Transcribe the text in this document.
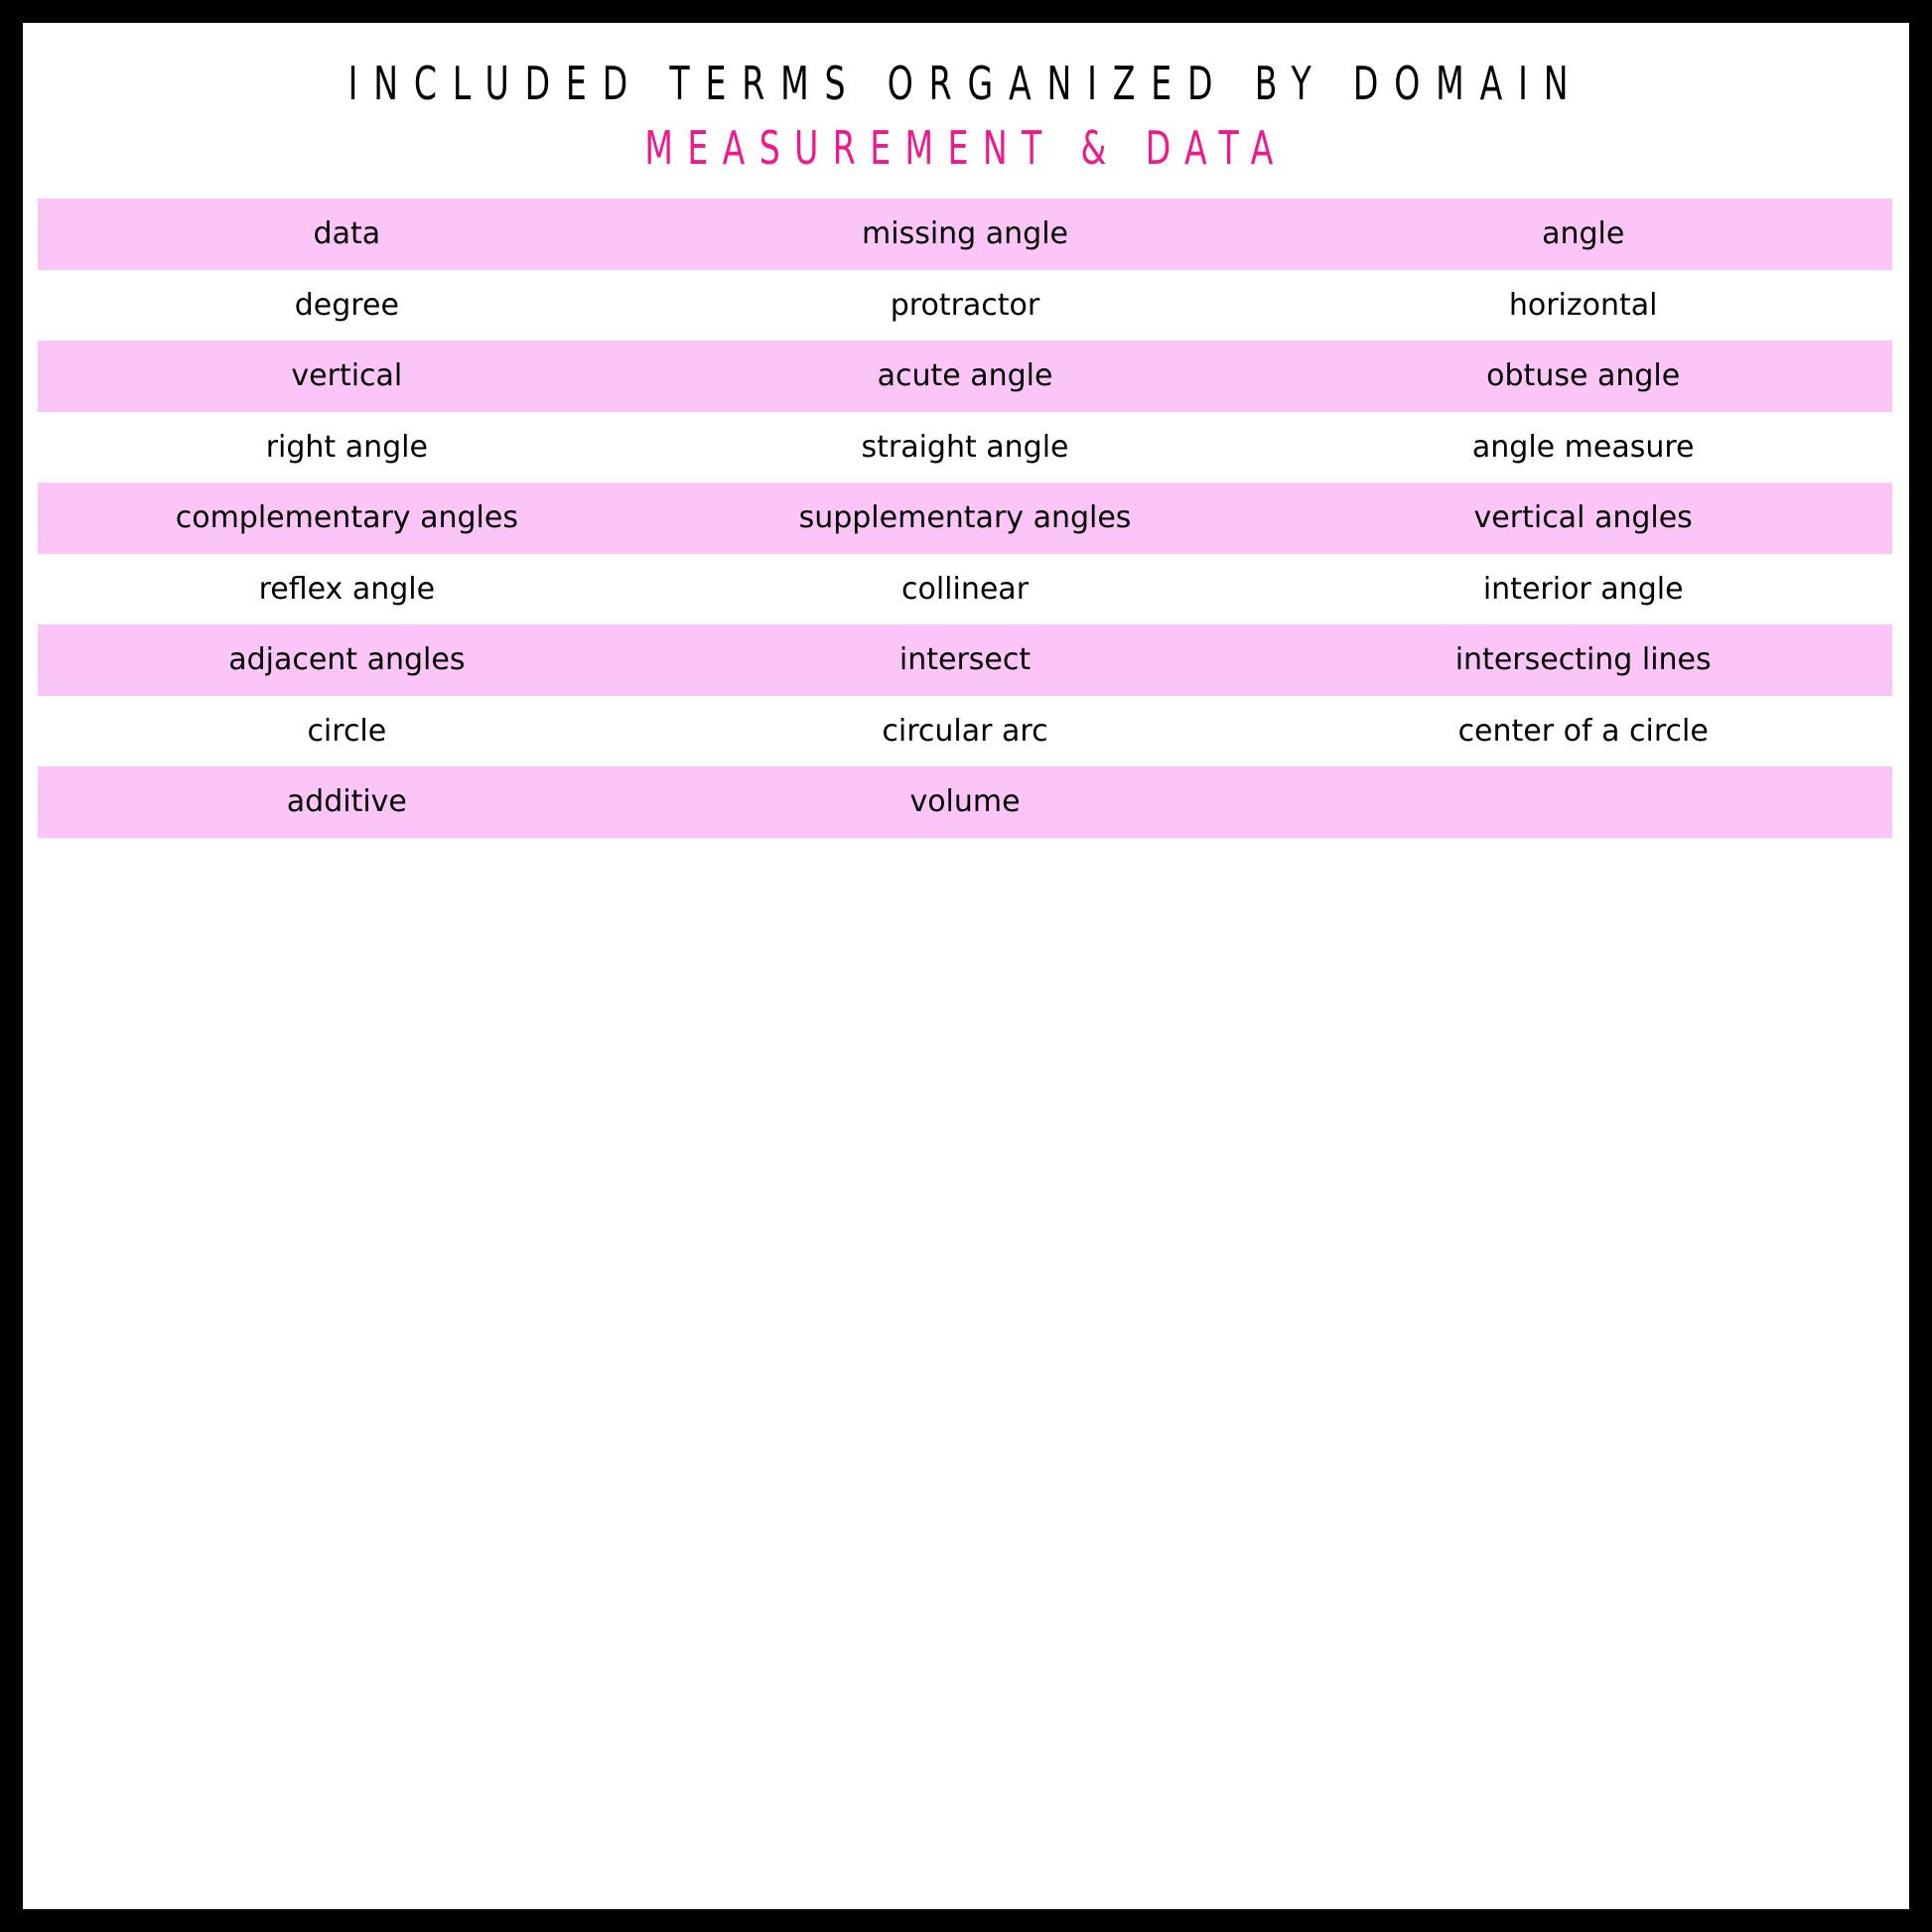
INCLUDED TERMS ORGANIZED BY DOMAIN
MEASUREMENT & DATA
data	missing angle	angle
degree	protractor	horizontal
vertical	acute angle	obtuse angle
right angle	straight angle	angle measure
complementary angles	supplementary angles	vertical angles
reflex angle	collinear	interior angle
adjacent angles	intersect	intersecting lines
circle	circular arc	center of a circle
additive	volume
